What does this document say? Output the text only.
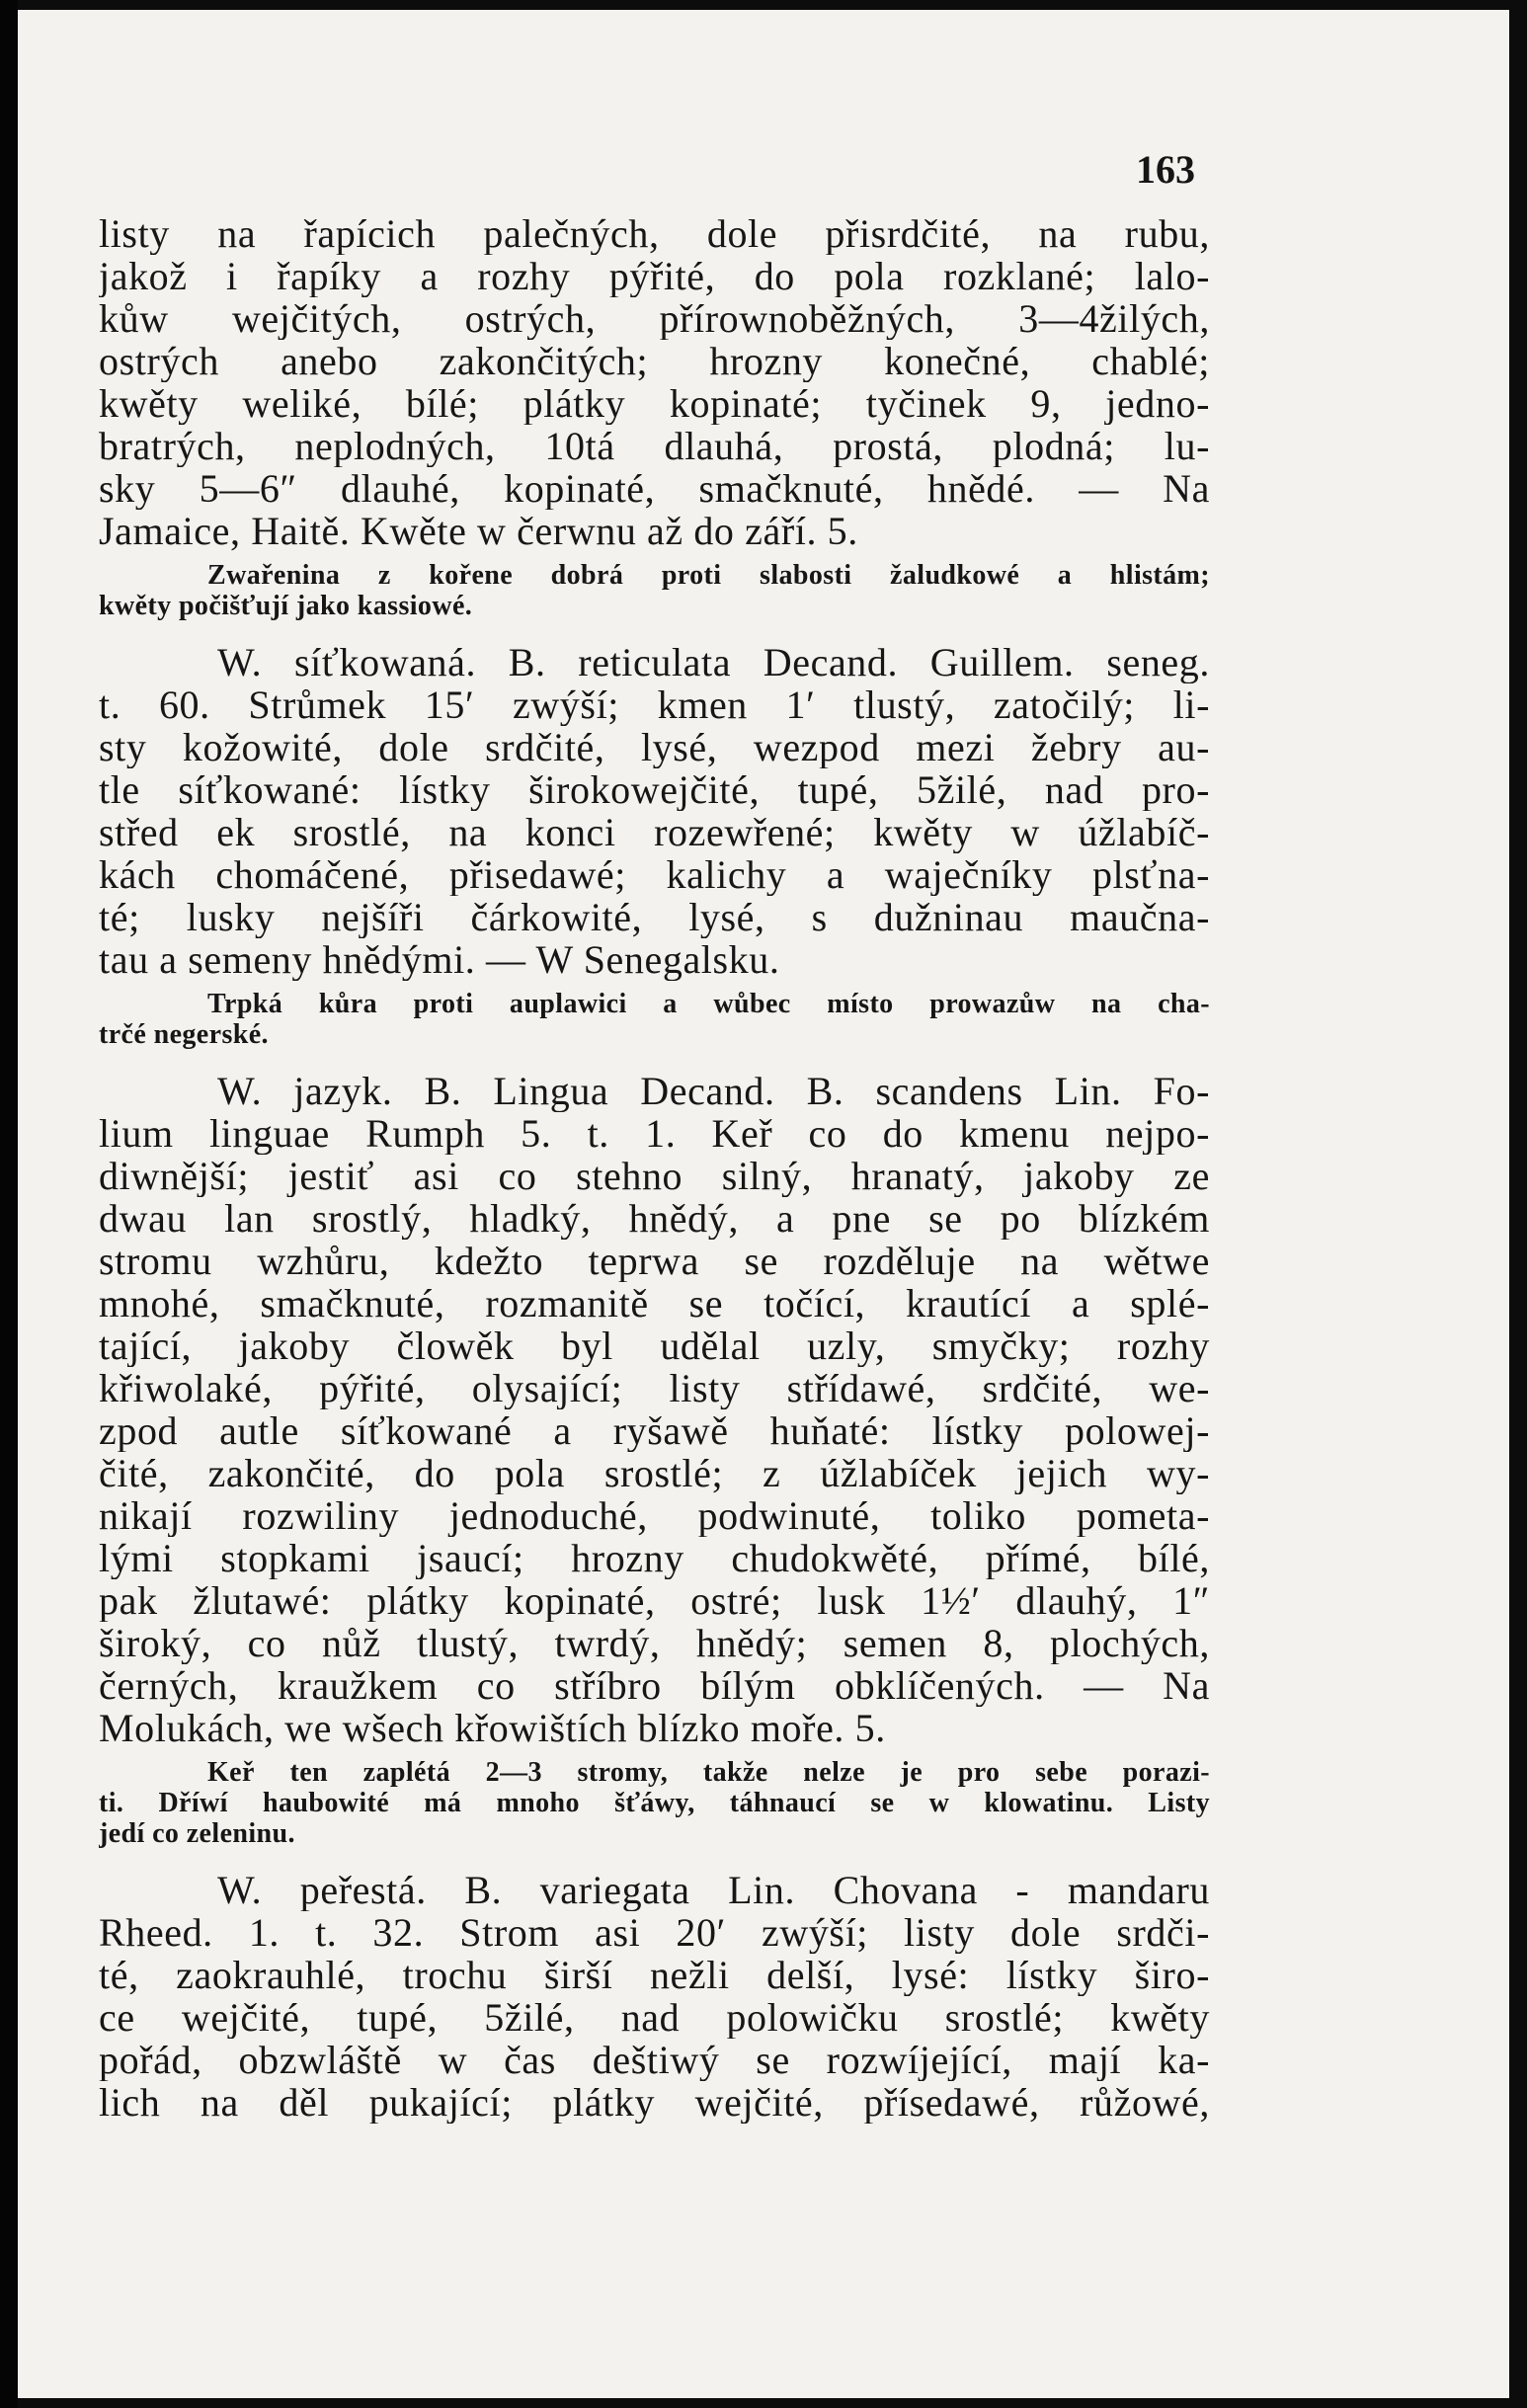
163
listy na řapícich palečných, dole přisrdčité, na rubu,
jakož i řapíky a rozhy pýřité, do pola rozklané; lalo-
kůw wejčitých, ostrých, přírownoběžných, 3—4žilých,
ostrých anebo zakončitých; hrozny konečné, chablé;
kwěty weliké, bílé; plátky kopinaté; tyčinek 9, jedno-
bratrých, neplodných, 10tá dlauhá, prostá, plodná; lu-
sky 5—6″ dlauhé, kopinaté, smačknuté, hnědé. — Na
Jamaice, Haitě. Kwěte w čerwnu až do září. 5.
Zwařenina z kořene dobrá proti slabosti žaludkowé a hlistám;
kwěty počišťují jako kassiowé.
W. síťkowaná. B. reticulata Decand. Guillem. seneg.
t. 60. Strůmek 15′ zwýší; kmen 1′ tlustý, zatočilý; li-
sty kožowité, dole srdčité, lysé, wezpod mezi žebry au-
tle síťkowané: lístky širokowejčité, tupé, 5žilé, nad pro-
střed ek srostlé, na konci rozewřené; kwěty w úžlabíč-
kách chomáčené, přisedawé; kalichy a waječníky plsťna-
té; lusky nejšíři čárkowité, lysé, s dužninau maučna-
tau a semeny hnědými. — W Senegalsku.
Trpká kůra proti auplawici a wůbec místo prowazůw na cha-
trčé negerské.
W. jazyk. B. Lingua Decand. B. scandens Lin. Fo-
lium linguae Rumph 5. t. 1. Keř co do kmenu nejpo-
diwnější; jestiť asi co stehno silný, hranatý, jakoby ze
dwau lan srostlý, hladký, hnědý, a pne se po blízkém
stromu wzhůru, kdežto teprwa se rozděluje na wětwe
mnohé, smačknuté, rozmanitě se točící, krautící a splé-
tající, jakoby člowěk byl udělal uzly, smyčky; rozhy
křiwolaké, pýřité, olysající; listy střídawé, srdčité, we-
zpod autle síťkowané a ryšawě huňaté: lístky polowej-
čité, zakončité, do pola srostlé; z úžlabíček jejich wy-
nikají rozwiliny jednoduché, podwinuté, toliko pometa-
lými stopkami jsaucí; hrozny chudokwěté, přímé, bílé,
pak žlutawé: plátky kopinaté, ostré; lusk 1½′ dlauhý, 1″
široký, co nůž tlustý, twrdý, hnědý; semen 8, plochých,
černých, kraužkem co stříbro bílým obklíčených. — Na
Molukách, we wšech křowištích blízko moře. 5.
Keř ten zaplétá 2—3 stromy, takže nelze je pro sebe porazi-
ti. Dříwí haubowité má mnoho šťáwy, táhnaucí se w klowatinu. Listy
jedí co zeleninu.
W. peřestá. B. variegata Lin. Chovana - mandaru
Rheed. 1. t. 32. Strom asi 20′ zwýší; listy dole srdči-
té, zaokrauhlé, trochu širší nežli delší, lysé: lístky širo-
ce wejčité, tupé, 5žilé, nad polowičku srostlé; kwěty
pořád, obzwláště w čas deštiwý se rozwíjející, mají ka-
lich na děl pukající; plátky wejčité, přísedawé, růžowé,
